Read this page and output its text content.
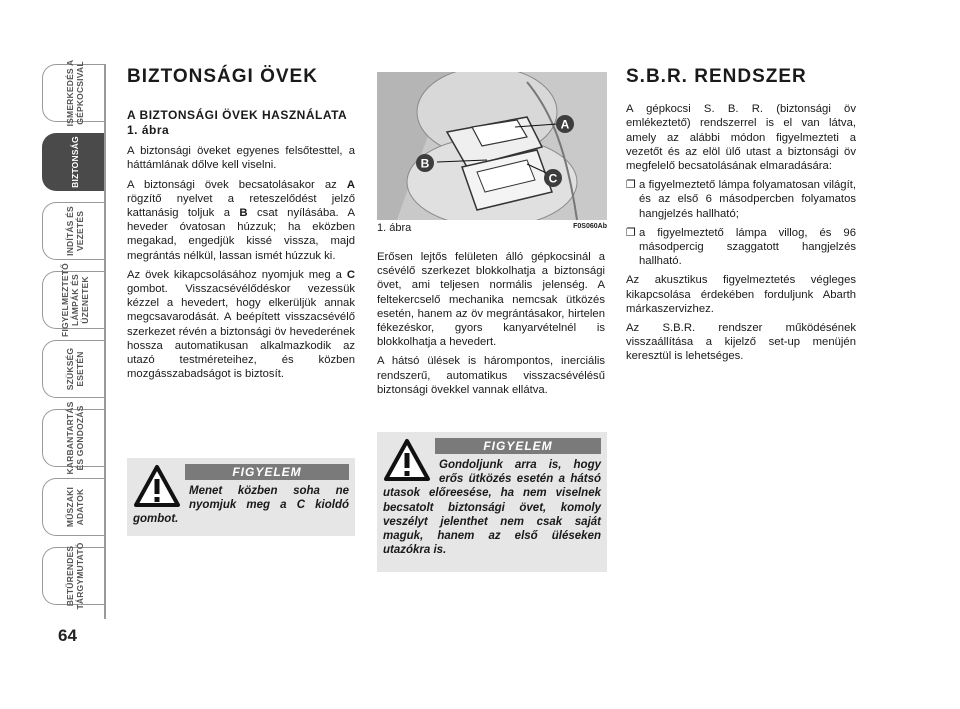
ISMERKEDÉS A
GÉPKOCSIVAL
BIZTONSÁG
INDÍTÁS ÉS
VEZETÉS
FIGYELMEZTETŐ
LÁMPÁK ÉS
ÜZENETEK
SZÜKSÉG
ESETÉN
KARBANTARTÁS
ÉS GONDOZÁS
MŰSZAKI
ADATOK
BETŰRENDES
TÁRGYMUTATÓ
64
BIZTONSÁGI ÖVEK
A BIZTONSÁGI ÖVEK HASZNÁLATA 1. ábra

A biztonsági öveket egyenes felsőtesttel, a háttámlának dőlve kell viselni.

A biztonsági övek becsatolásakor az A rögzítő nyelvet a reteszelődést jelző kattanásig toljuk a B csat nyílásába. A heveder óvatosan húzzuk; ha eközben megakad, engedjük kissé vissza, majd megrántás nélkül, lassan ismét húzzuk ki.

Az övek kikapcsolásához nyomjuk meg a C gombot. Visszacsévélődéskor vezessük kézzel a hevedert, hogy elkerüljük annak megcsavarodását. A beépített visszacsévélő szerkezet révén a biztonsági öv hevederének hossza automatikusan alkalmazkodik az utazó testméreteihez, és közben mozgásszabadságot is biztosít.

FIGYELEM
Menet közben soha ne nyomjuk meg a C kioldó gombot.
A
B
C
1. ábra	F0S060Ab

Erősen lejtős felületen álló gépkocsinál a csévélő szerkezet blokkolhatja a biztonsági övet, ami teljesen normális jelenség. A feltekercselő mechanika nemcsak ütközés esetén, hanem az öv megrántásakor, hirtelen fékezéskor, gyors kanyarvételnél is blokkolhatja a hevedert.

A hátsó ülések is hárompontos, inerciális rendszerű, automatikus visszacsévélésű biztonsági övekkel vannak ellátva.

FIGYELEM
Gondoljunk arra is, hogy erős ütközés esetén a hátsó utasok előreesése, ha nem viselnek becsatolt biztonsági övet, komoly veszélyt jelenthet nem csak saját maguk, hanem az első üléseken utazókra is.
S.B.R. RENDSZER

A gépkocsi S. B. R. (biztonsági öv emlékeztető) rendszerrel is el van látva, amely az alábbi módon figyelmezteti a vezetőt és az elöl ülő utast a biztonsági öv megfelelő becsatolásának elmaradására:

❐ a figyelmeztető lámpa folyamatosan világít, és az első 6 másodpercben folyamatos hangjelzés hallható;
❐ a figyelmeztető lámpa villog, és 96 másodpercig szaggatott hangjelzés hallható.

Az akusztikus figyelmeztetés végleges kikapcsolása érdekében forduljunk Abarth márkaszervizhez.

Az S.B.R. rendszer működésének visszaállítása a kijelző set-up menüjén keresztül is lehetséges.
